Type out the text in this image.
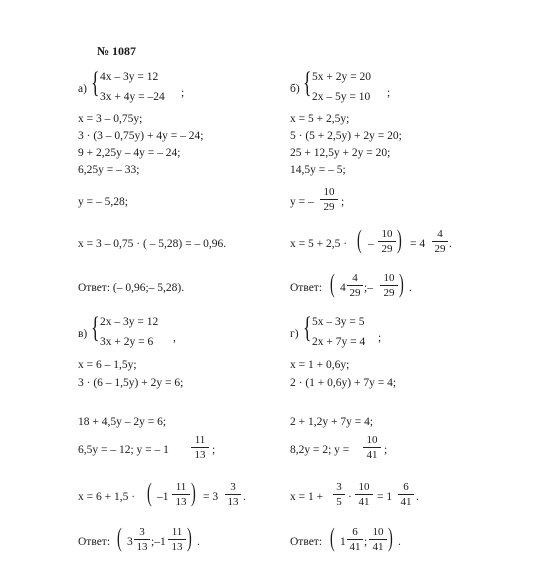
№ 1087
а) { 4x – 3y = 12
3x + 4y = –24 ;
x = 3 – 0,75y;
3 · (3 – 0,75y) + 4y = – 24;
9 + 2,25y – 4y = – 24;
6,25y = – 33;
y = – 5,28;
x = 3 – 0,75 · ( – 5,28) = – 0,96.
Ответ: (– 0,96;– 5,28).
б) { 5x + 2y = 20
2x – 5y = 10 ;
x = 5 + 2,5y;
5 · (5 + 2,5y) + 2y = 20;
25 + 12,5y + 2y = 20;
14,5y = – 5;
y = –
10
29 ;
x = 5 + 2,5 · ( –
10
29 ) = 4
4
29 .
Ответ: ( 4
4
29 ;–
10
29 ) .
в) { 2x – 3y = 12
3x + 2y = 6 ,
x = 6 – 1,5y;
3 · (6 – 1,5y) + 2y = 6;
18 + 4,5y – 2y = 6;
6,5y = – 12; y = – 1
11
13 ;
x = 6 + 1,5 · ( –1
11
13 ) = 3
3
13 .
Ответ: ( 3
3
13 ;–1
11
13 ) .
г) { 5x – 3y = 5
2x + 7y = 4 ;
x = 1 + 0,6y;
2 · (1 + 0,6y) + 7y = 4;
2 + 1,2y + 7y = 4;
8,2y = 2; y =
10
41 ;
x = 1 +
3
5 ·
10
41 = 1
6
41 .
Ответ: ( 1
6
41 ;
10
41 ) .
